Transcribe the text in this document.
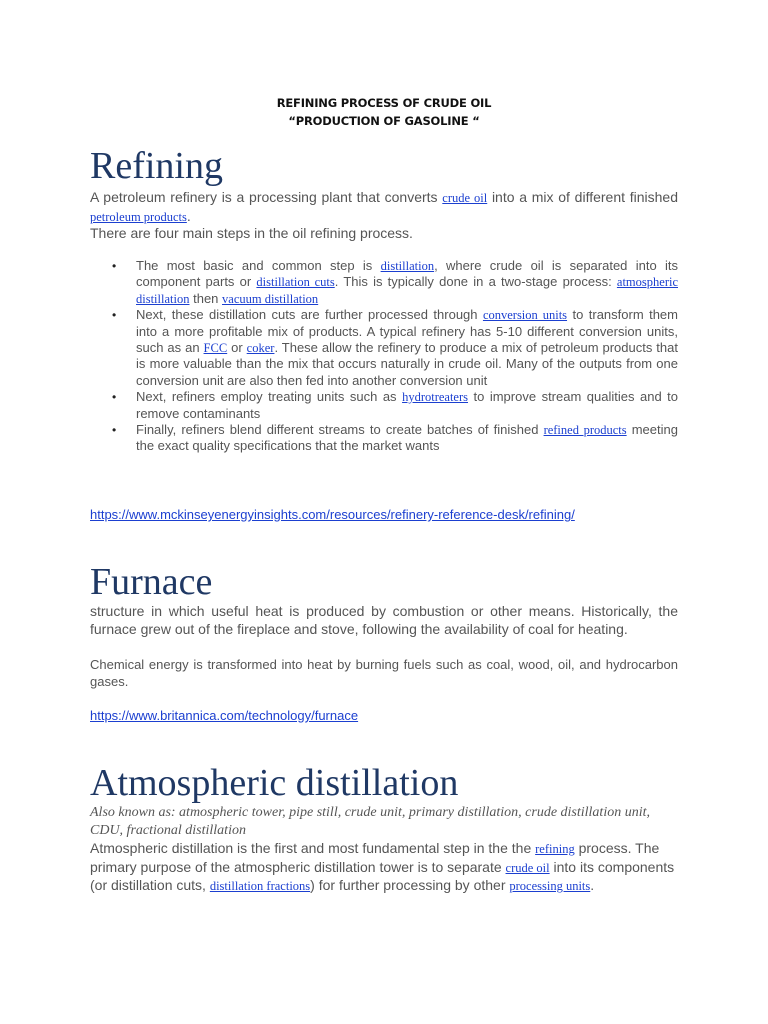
REFINING PROCESS OF CRUDE OIL
“PRODUCTION OF GASOLINE “
Refining
A petroleum refinery is a processing plant that converts crude oil into a mix of different finished petroleum products.
There are four main steps in the oil refining process.
• The most basic and common step is distillation, where crude oil is separated into its component parts or distillation cuts. This is typically done in a two-stage process: atmospheric distillation then vacuum distillation
• Next, these distillation cuts are further processed through conversion units to transform them into a more profitable mix of products. A typical refinery has 5-10 different conversion units, such as an FCC or coker. These allow the refinery to produce a mix of petroleum products that is more valuable than the mix that occurs naturally in crude oil. Many of the outputs from one conversion unit are also then fed into another conversion unit
• Next, refiners employ treating units such as hydrotreaters to improve stream qualities and to remove contaminants
• Finally, refiners blend different streams to create batches of finished refined products meeting the exact quality specifications that the market wants
https://www.mckinseyenergyinsights.com/resources/refinery-reference-desk/refining/
Furnace
structure in which useful heat is produced by combustion or other means. Historically, the furnace grew out of the fireplace and stove, following the availability of coal for heating.
Chemical energy is transformed into heat by burning fuels such as coal, wood, oil, and hydrocarbon gases.
https://www.britannica.com/technology/furnace
Atmospheric distillation
Also known as: atmospheric tower, pipe still, crude unit, primary distillation, crude distillation unit, CDU, fractional distillation
Atmospheric distillation is the first and most fundamental step in the the refining process. The primary purpose of the atmospheric distillation tower is to separate crude oil into its components (or distillation cuts, distillation fractions) for further processing by other processing units.
